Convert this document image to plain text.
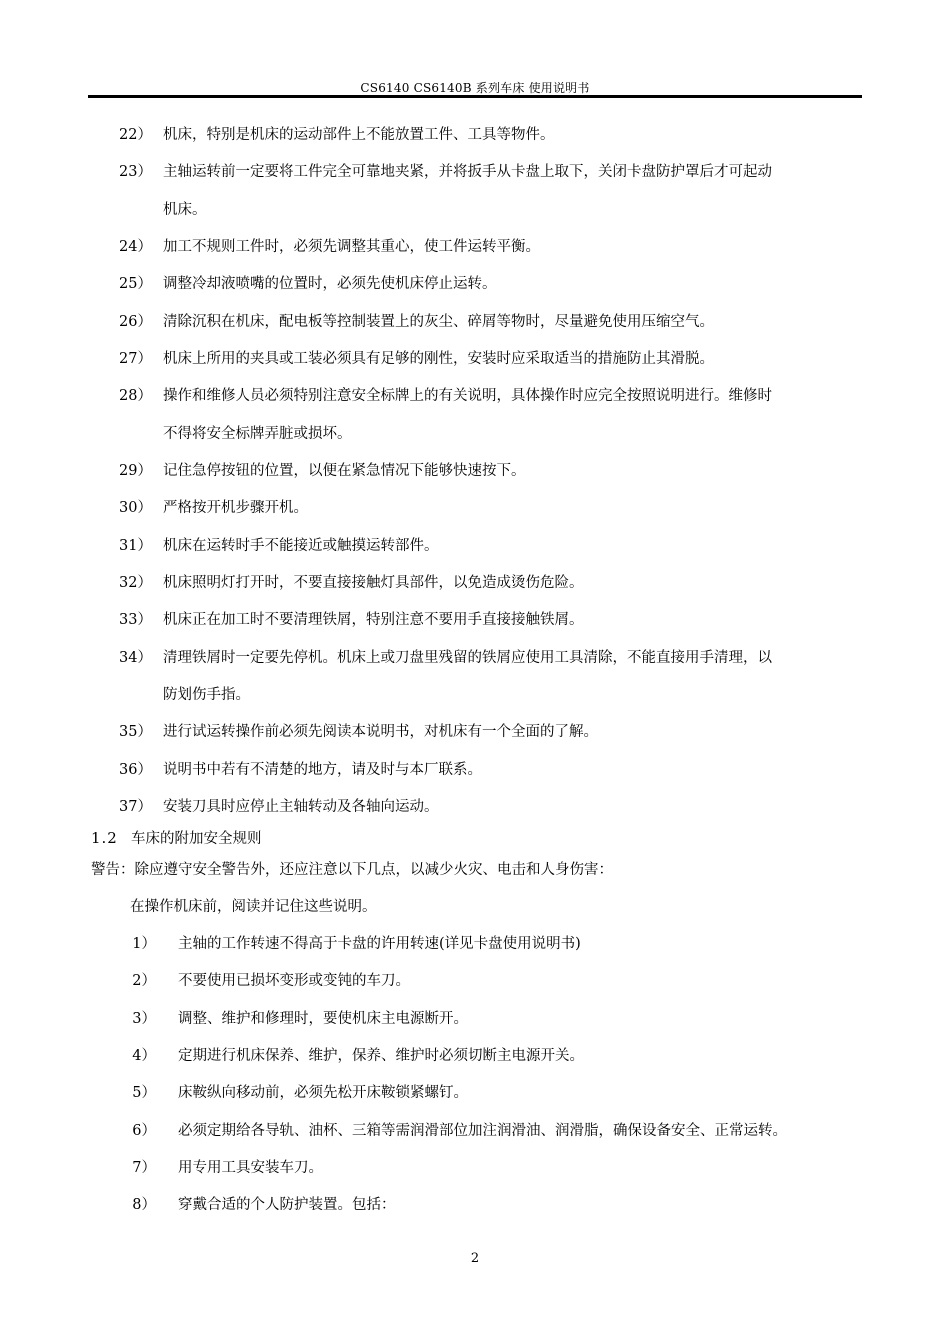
CS6140 CS6140B 系列车床 使用说明书
22） 机床，特别是机床的运动部件上不能放置工件、工具等物件。
23） 主轴运转前一定要将工件完全可靠地夹紧，并将扳手从卡盘上取下，关闭卡盘防护罩后才可起动
机床。
24） 加工不规则工件时，必须先调整其重心，使工件运转平衡。
25） 调整冷却液喷嘴的位置时，必须先使机床停止运转。
26） 清除沉积在机床，配电板等控制装置上的灰尘、碎屑等物时，尽量避免使用压缩空气。
27） 机床上所用的夹具或工装必须具有足够的刚性，安装时应采取适当的措施防止其滑脱。
28） 操作和维修人员必须特别注意安全标牌上的有关说明，具体操作时应完全按照说明进行。维修时
不得将安全标牌弄脏或损坏。
29） 记住急停按钮的位置，以便在紧急情况下能够快速按下。
30） 严格按开机步骤开机。
31） 机床在运转时手不能接近或触摸运转部件。
32） 机床照明灯打开时，不要直接接触灯具部件，以免造成烫伤危险。
33） 机床正在加工时不要清理铁屑，特别注意不要用手直接接触铁屑。
34） 清理铁屑时一定要先停机。机床上或刀盘里残留的铁屑应使用工具清除，不能直接用手清理，以
防划伤手指。
35） 进行试运转操作前必须先阅读本说明书，对机床有一个全面的了解。
36） 说明书中若有不清楚的地方，请及时与本厂联系。
37） 安装刀具时应停止主轴转动及各轴向运动。
1.2 车床的附加安全规则
警告：除应遵守安全警告外，还应注意以下几点，以减少火灾、电击和人身伤害：
在操作机床前，阅读并记住这些说明。
1） 主轴的工作转速不得高于卡盘的许用转速(详见卡盘使用说明书)
2） 不要使用已损坏变形或变钝的车刀。
3） 调整、维护和修理时，要使机床主电源断开。
4） 定期进行机床保养、维护，保养、维护时必须切断主电源开关。
5） 床鞍纵向移动前，必须先松开床鞍锁紧螺钉。
6） 必须定期给各导轨、油杯、三箱等需润滑部位加注润滑油、润滑脂，确保设备安全、正常运转。
7） 用专用工具安装车刀。
8） 穿戴合适的个人防护装置。包括：
2
